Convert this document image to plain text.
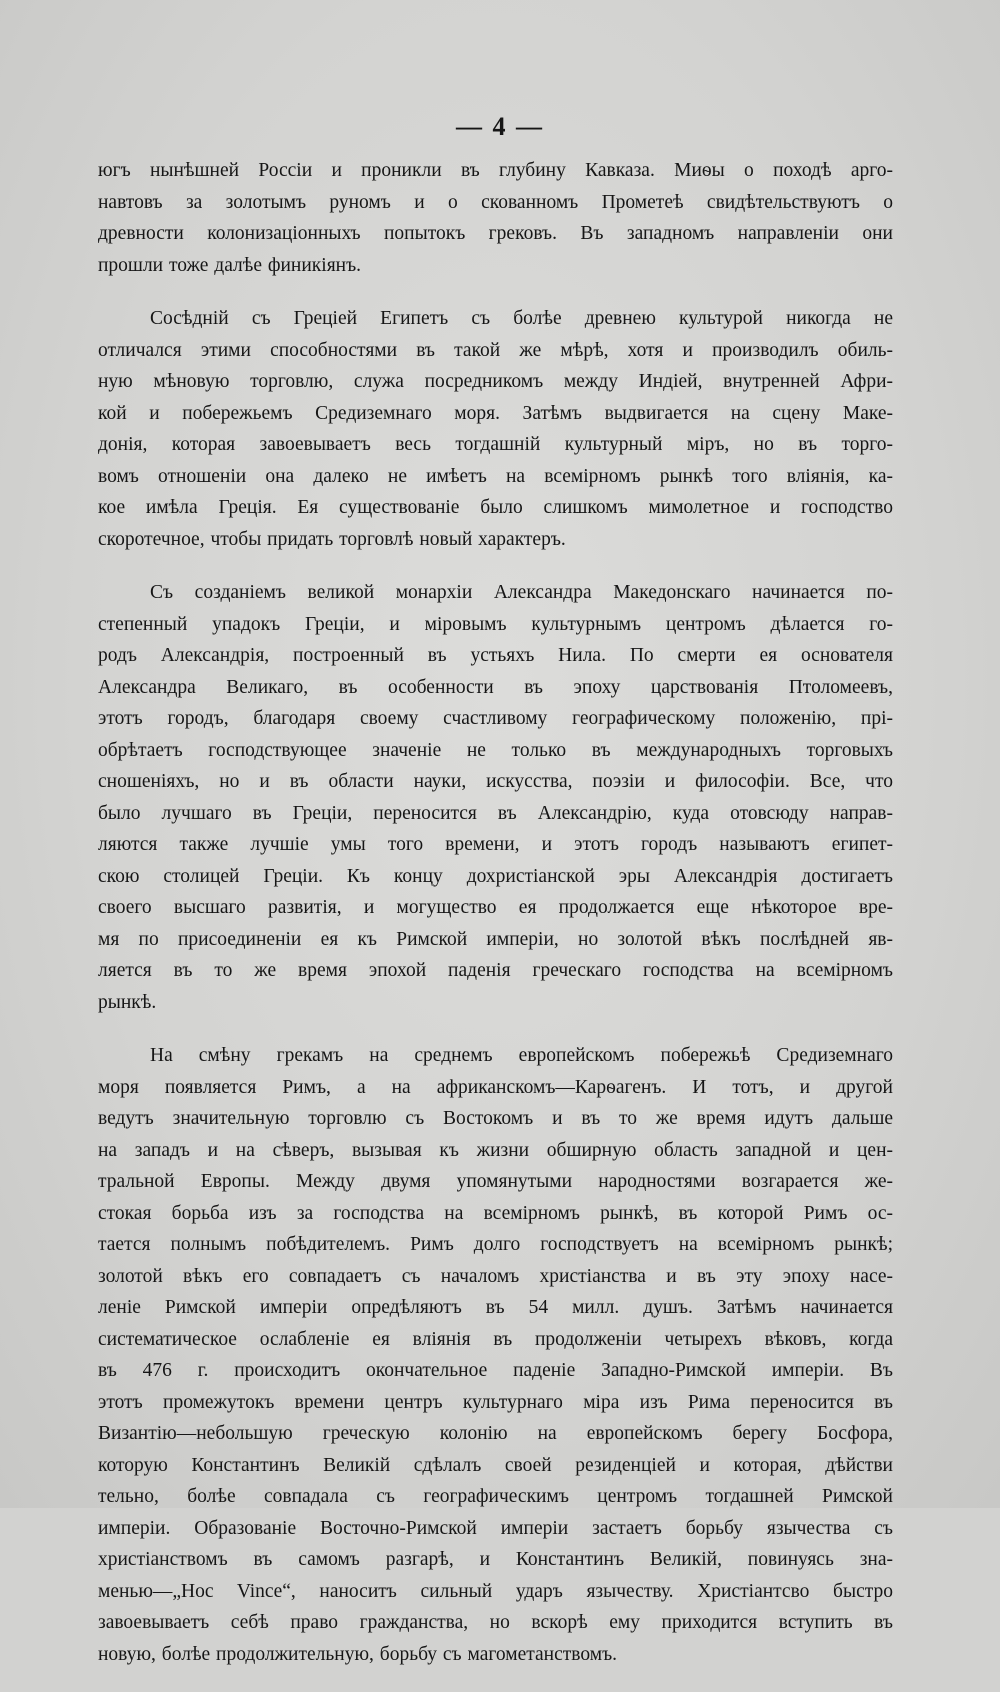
— 4 —

югъ нынѣшней Россіи и проникли въ глубину Кавказа. Миѳы о походѣ арго-
навтовъ за золотымъ руномъ и о скованномъ Прометеѣ свидѣтельствуютъ о
древности колонизаціонныхъ попытокъ грековъ. Въ западномъ направленіи они
прошли тоже далѣе финикіянъ.

Сосѣдній съ Греціей Египетъ съ болѣе древнею культурой никогда не
отличался этими способностями въ такой же мѣрѣ, хотя и производилъ обиль-
ную мѣновую торговлю, служа посредникомъ между Индіей, внутренней Афри-
кой и побережьемъ Средиземнаго моря. Затѣмъ выдвигается на сцену Маке-
донія, которая завоевываетъ весь тогдашній культурный міръ, но въ торго-
вомъ отношеніи она далеко не имѣетъ на всемірномъ рынкѣ того вліянія, ка-
кое имѣла Греція. Ея существованіе было слишкомъ мимолетное и господство
скоротечное, чтобы придать торговлѣ новый характеръ.

Съ созданіемъ великой монархіи Александра Македонскаго начинается по-
степенный упадокъ Греціи, и міровымъ культурнымъ центромъ дѣлается го-
родъ Александрія, построенный въ устьяхъ Нила. По смерти ея основателя
Александра Великаго, въ особенности въ эпоху царствованія Птоломеевъ,
этотъ городъ, благодаря своему счастливому географическому положенію, прі-
обрѣтаетъ господствующее значеніе не только въ международныхъ торговыхъ
сношеніяхъ, но и въ области науки, искусства, поэзіи и философіи. Все, что
было лучшаго въ Греціи, переносится въ Александрію, куда отовсюду направ-
ляются также лучшіе умы того времени, и этотъ городъ называютъ египет-
скою столицей Греціи. Къ концу дохристіанской эры Александрія достигаетъ
своего высшаго развитія, и могущество ея продолжается еще нѣкоторое вре-
мя по присоединеніи ея къ Римской имперіи, но золотой вѣкъ послѣдней яв-
ляется въ то же время эпохой паденія греческаго господства на всемірномъ
рынкѣ.

На смѣну грекамъ на среднемъ европейскомъ побережьѣ Средиземнаго
моря появляется Римъ, а на африканскомъ—Карѳагенъ. И тотъ, и другой
ведутъ значительную торговлю съ Востокомъ и въ то же время идутъ дальше
на западъ и на сѣверъ, вызывая къ жизни обширную область западной и цен-
тральной Европы. Между двумя упомянутыми народностями возгарается же-
стокая борьба изъ за господства на всемірномъ рынкѣ, въ которой Римъ ос-
тается полнымъ побѣдителемъ. Римъ долго господствуетъ на всемірномъ рынкѣ;
золотой вѣкъ его совпадаетъ съ началомъ христіанства и въ эту эпоху насе-
леніе Римской имперіи опредѣляютъ въ 54 милл. душъ. Затѣмъ начинается
систематическое ослабленіе ея вліянія въ продолженіи четырехъ вѣковъ, когда
въ 476 г. происходитъ окончательное паденіе Западно-Римской имперіи. Въ
этотъ промежутокъ времени центръ культурнаго міра изъ Рима переносится въ
Византію—небольшую греческую колонію на европейскомъ берегу Босфора,
которую Константинъ Великій сдѣлалъ своей резиденціей и которая, дѣйстви
тельно, болѣе совпадала съ географическимъ центромъ тогдашней Римской
имперіи. Образованіе Восточно-Римской имперіи застаетъ борьбу язычества съ
христіанствомъ въ самомъ разгарѣ, и Константинъ Великій, повинуясь зна-
менью—„Hoc Vince“, наноситъ сильный ударъ язычеству. Христіантсво быстро
завоевываетъ себѣ право гражданства, но вскорѣ ему приходится вступить въ
новую, болѣе продолжительную, борьбу съ магометанствомъ.
